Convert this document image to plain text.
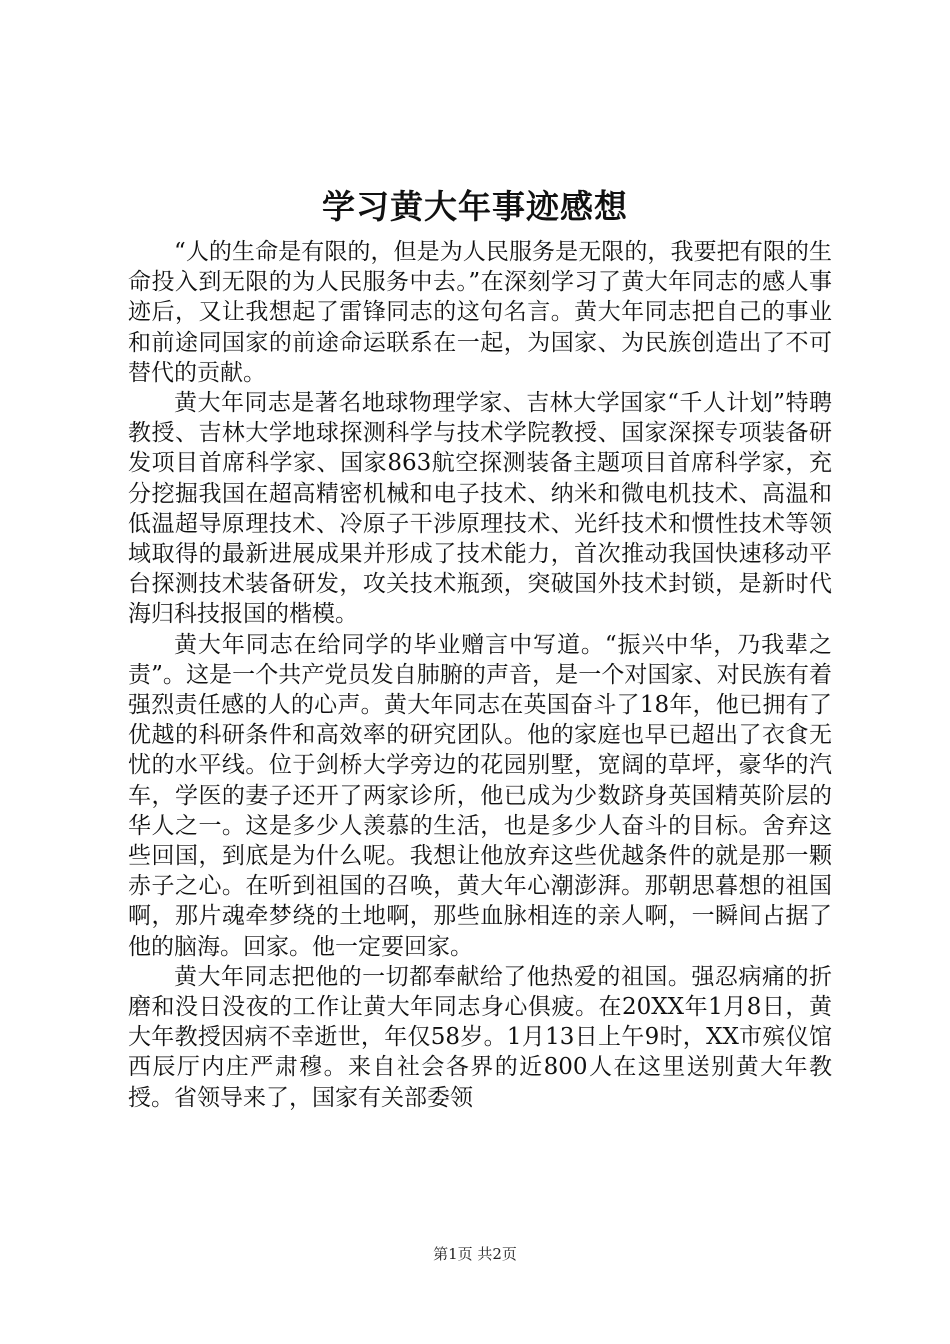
学习黄大年事迹感想

“人的生命是有限的，但是为人民服务是无限的，我要把有限的生命投入到无限的为人民服务中去。”在深刻学习了黄大年同志的感人事迹后，又让我想起了雷锋同志的这句名言。黄大年同志把自己的事业和前途同国家的前途命运联系在一起，为国家、为民族创造出了不可替代的贡献。

黄大年同志是著名地球物理学家、吉林大学国家“千人计划”特聘教授、吉林大学地球探测科学与技术学院教授、国家深探专项装备研发项目首席科学家、国家863航空探测装备主题项目首席科学家，充分挖掘我国在超高精密机械和电子技术、纳米和微电机技术、高温和低温超导原理技术、冷原子干涉原理技术、光纤技术和惯性技术等领域取得的最新进展成果并形成了技术能力，首次推动我国快速移动平台探测技术装备研发，攻关技术瓶颈，突破国外技术封锁，是新时代海归科技报国的楷模。

黄大年同志在给同学的毕业赠言中写道。“振兴中华，乃我辈之责”。这是一个共产党员发自肺腑的声音，是一个对国家、对民族有着强烈责任感的人的心声。黄大年同志在英国奋斗了18年，他已拥有了优越的科研条件和高效率的研究团队。他的家庭也早已超出了衣食无忧的水平线。位于剑桥大学旁边的花园别墅，宽阔的草坪，豪华的汽车，学医的妻子还开了两家诊所，他已成为少数跻身英国精英阶层的华人之一。这是多少人羡慕的生活，也是多少人奋斗的目标。舍弃这些回国，到底是为什么呢。我想让他放弃这些优越条件的就是那一颗赤子之心。在听到祖国的召唤，黄大年心潮澎湃。那朝思暮想的祖国啊，那片魂牵梦绕的土地啊，那些血脉相连的亲人啊，一瞬间占据了他的脑海。回家。他一定要回家。

黄大年同志把他的一切都奉献给了他热爱的祖国。强忍病痛的折磨和没日没夜的工作让黄大年同志身心俱疲。在20XX年1月8日，黄大年教授因病不幸逝世，年仅58岁。1月13日上午9时，XX市殡仪馆西辰厅内庄严肃穆。来自社会各界的近800人在这里送别黄大年教授。省领导来了，国家有关部委领

第1页 共2页
